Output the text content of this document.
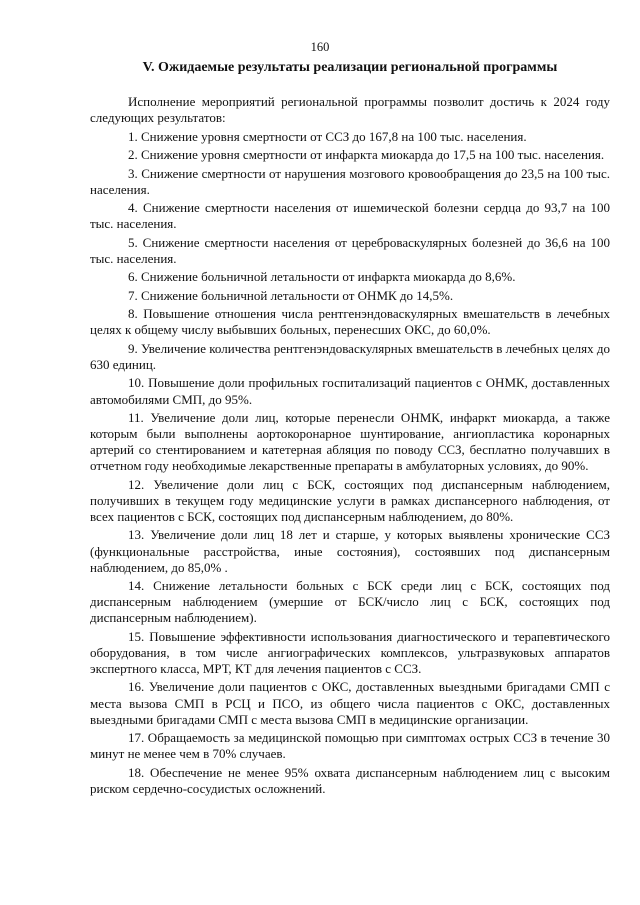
160
V. Ожидаемые результаты реализации региональной программы

Исполнение мероприятий региональной программы позволит достичь к 2024 году следующих результатов:

1. Снижение уровня смертности от ССЗ до 167,8 на 100 тыс. населения.

2. Снижение уровня смертности от инфаркта миокарда до 17,5 на 100 тыс. населения.

3. Снижение смертности от нарушения мозгового кровообращения до 23,5 на 100 тыс. населения.

4. Снижение смертности населения от ишемической болезни сердца до 93,7 на 100 тыс. населения.

5. Снижение смертности населения от цереброваскулярных болезней до 36,6 на 100 тыс. населения.

6. Снижение больничной летальности от инфаркта миокарда до 8,6%.

7. Снижение больничной летальности от ОНМК до 14,5%.

8. Повышение отношения числа рентгенэндоваскулярных вмешательств в лечебных целях к общему числу выбывших больных, перенесших ОКС, до 60,0%.

9. Увеличение количества рентгенэндоваскулярных вмешательств в лечебных целях до 630 единиц.

10. Повышение доли профильных госпитализаций пациентов с ОНМК, доставленных автомобилями СМП, до 95%.

11. Увеличение доли лиц, которые перенесли ОНМК, инфаркт миокарда, а также которым были выполнены аортокоронарное шунтирование, ангиопластика коронарных артерий со стентированием и катетерная абляция по поводу ССЗ, бесплатно получавших в отчетном году необходимые лекарственные препараты в амбулаторных условиях, до 90%.

12. Увеличение доли лиц с БСК, состоящих под диспансерным наблюдением, получивших в текущем году медицинские услуги в рамках диспансерного наблюдения, от всех пациентов с БСК, состоящих под диспансерным наблюдением, до 80%.

13. Увеличение доли лиц 18 лет и старше, у которых выявлены хронические ССЗ (функциональные расстройства, иные состояния), состоявших под диспансерным наблюдением, до 85,0% .

14. Снижение летальности больных с БСК среди лиц с БСК, состоящих под диспансерным наблюдением (умершие от БСК/число лиц с БСК, состоящих под диспансерным наблюдением).

15. Повышение эффективности использования диагностического и терапевтического оборудования, в том числе ангиографических комплексов, ультразвуковых аппаратов экспертного класса, МРТ, КТ для лечения пациентов с ССЗ.

16. Увеличение доли пациентов с ОКС, доставленных выездными бригадами СМП с места вызова СМП в РСЦ и ПСО, из общего числа пациентов с ОКС, доставленных выездными бригадами СМП с места вызова СМП в медицинские организации.

17. Обращаемость за медицинской помощью при симптомах острых ССЗ в течение 30 минут не менее чем в 70% случаев.

18. Обеспечение не менее 95% охвата диспансерным наблюдением лиц с высоким риском сердечно-сосудистых осложнений.
